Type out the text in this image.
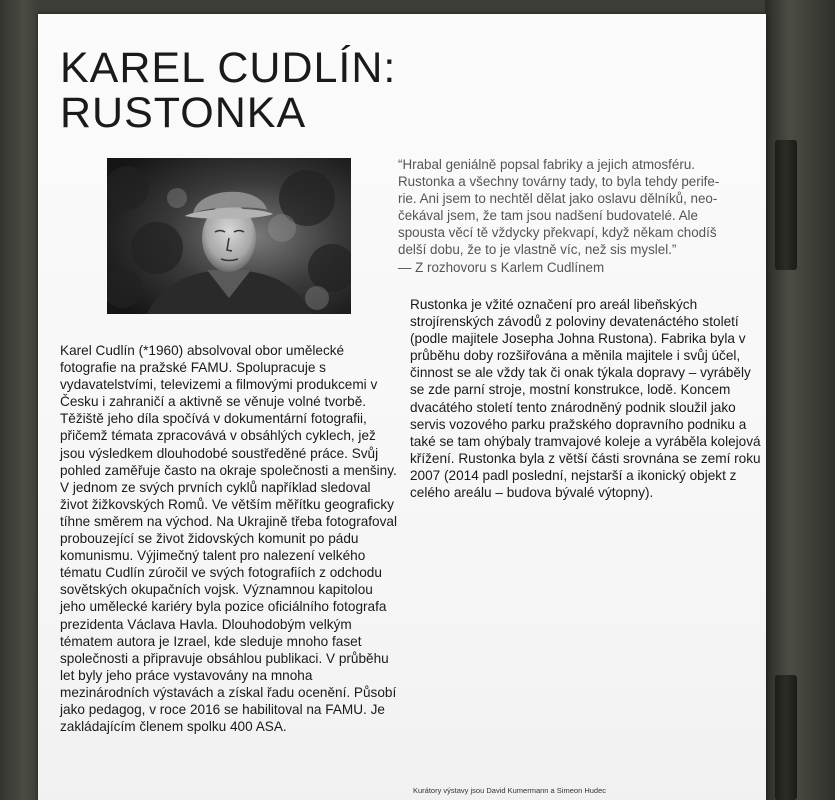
KAREL CUDLÍN:
RUSTONKA

Karel Cudlín (*1960) absolvoval obor umělecké fotografie na pražské FAMU. Spolupracuje s vydavatelstvími, televizemi a filmovými produkcemi v Česku i zahraničí a aktivně se věnuje volné tvorbě. Těžiště jeho díla spočívá v dokumentární fotografii, přičemž témata zpracovává v obsáhlých cyklech, jež jsou výsledkem dlouhodobé soustředěné práce. Svůj pohled zaměřuje často na okraje společnosti a menšiny. V jednom ze svých prvních cyklů například sledoval život žižkovských Romů. Ve větším měřítku geograficky tíhne směrem na východ. Na Ukrajině třeba fotografoval probouzející se život židovských komunit po pádu komunismu. Výjimečný talent pro nalezení velkého tématu Cudlín zúročil ve svých fotografiích z odchodu sovětských okupačních vojsk. Významnou kapitolou jeho umělecké kariéry byla pozice oficiálního fotografa prezidenta Václava Havla. Dlouhodobým velkým tématem autora je Izrael, kde sleduje mnoho faset společnosti a připravuje obsáhlou publikaci. V průběhu let byly jeho práce vystavovány na mnoha mezinárodních výstavách a získal řadu ocenění. Působí jako pedagog, v roce 2016 se habilitoval na FAMU. Je zakládajícím členem spolku 400 ASA.

“Hrabal geniálně popsal fabriky a jejich atmosféru.
Rustonka a všechny továrny tady, to byla tehdy perife-
rie. Ani jsem to nechtěl dělat jako oslavu dělníků, neo-
čekával jsem, že tam jsou nadšení budovatelé. Ale
spousta věcí tě vždycky překvapí, když někam chodíš
delší dobu, že to je vlastně víc, než sis myslel.”
— Z rozhovoru s Karlem Cudlínem

Rustonka je vžité označení pro areál libeňských strojírenských závodů z poloviny devatenáctého století (podle majitele Josepha Johna Rustona). Fabrika byla v průběhu doby rozšiřována a měnila majitele i svůj účel, činnost se ale vždy tak či onak týkala dopravy – vyráběly se zde parní stroje, mostní konstrukce, lodě. Koncem dvacátého století tento znárodněný podnik sloužil jako servis vozového parku pražského dopravního podniku a také se tam ohýbaly tramvajové koleje a vyráběla kolejová křížení. Rustonka byla z větší části srovnána se zemí roku 2007 (2014 padl poslední, nejstarší a ikonický objekt z celého areálu – budova bývalé výtopny).

Kurátory výstavy jsou David Kumermann a Simeon Hudec
